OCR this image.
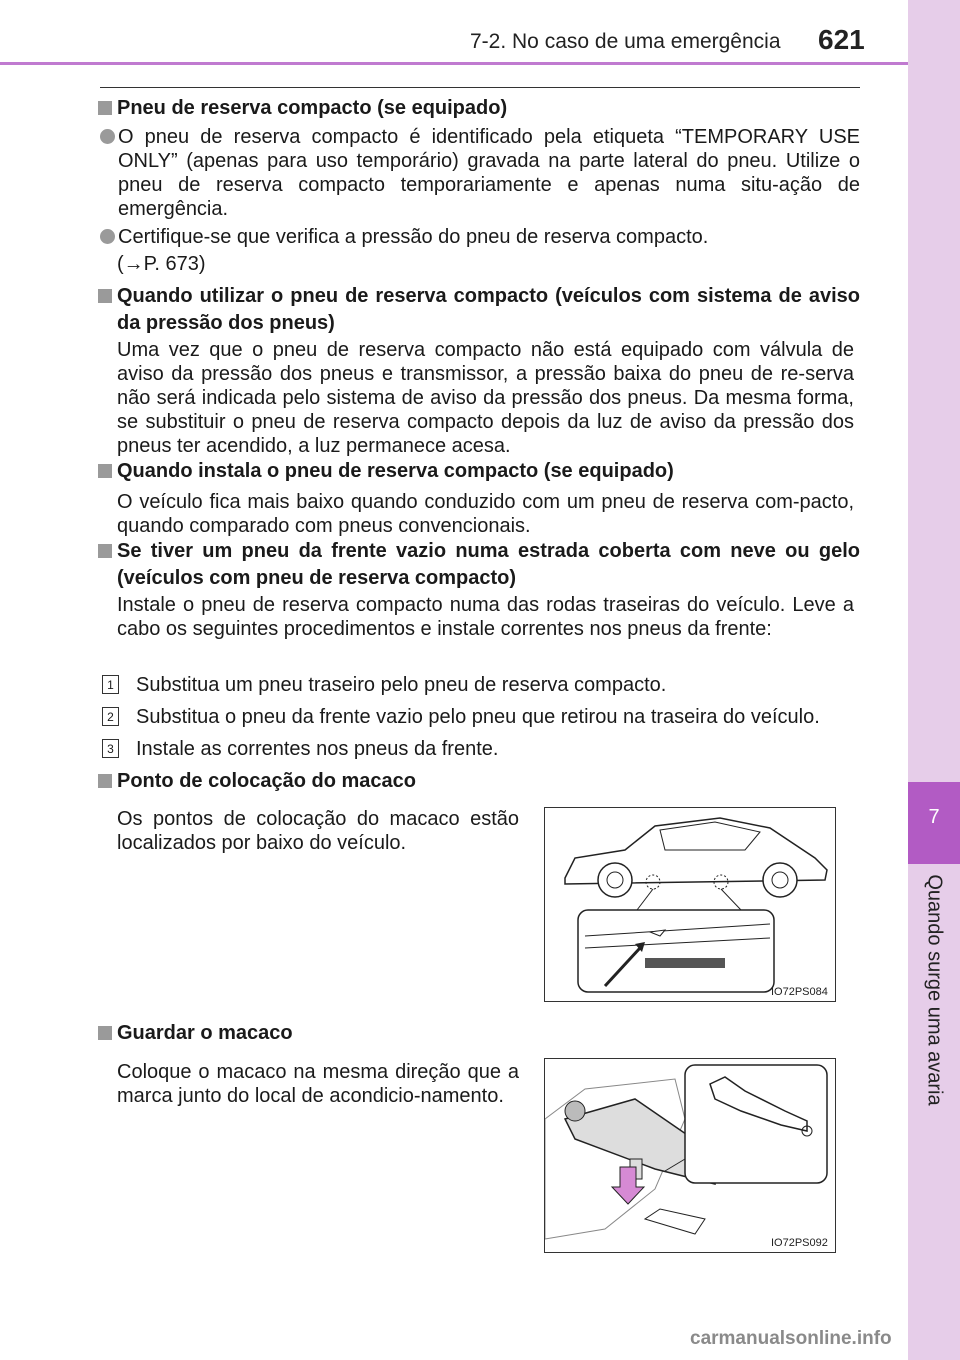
7-2. No caso de uma emergência 621
7
Quando surge uma avaria
Pneu de reserva compacto (se equipado)
O pneu de reserva compacto é identificado pela etiqueta “TEMPORARY USE ONLY” (apenas para uso temporário) gravada na parte lateral do pneu. Utilize o pneu de reserva compacto temporariamente e apenas numa situ-ação de emergência.
Certifique-se que verifica a pressão do pneu de reserva compacto.
(→P. 673)
Quando utilizar o pneu de reserva compacto (veículos com sistema de aviso da pressão dos pneus)
Uma vez que o pneu de reserva compacto não está equipado com válvula de aviso da pressão dos pneus e transmissor, a pressão baixa do pneu de re-serva não será indicada pelo sistema de aviso da pressão dos pneus. Da mesma forma, se substituir o pneu de reserva compacto depois da luz de aviso da pressão dos pneus ter acendido, a luz permanece acesa.
Quando instala o pneu de reserva compacto (se equipado)
O veículo fica mais baixo quando conduzido com um pneu de reserva com-pacto, quando comparado com pneus convencionais.
Se tiver um pneu da frente vazio numa estrada coberta com neve ou gelo (veículos com pneu de reserva compacto)
Instale o pneu de reserva compacto numa das rodas traseiras do veículo. Leve a cabo os seguintes procedimentos e instale correntes nos pneus da frente:
1 Substitua um pneu traseiro pelo pneu de reserva compacto.
2 Substitua o pneu da frente vazio pelo pneu que retirou na traseira do veículo.
3 Instale as correntes nos pneus da frente.
Ponto de colocação do macaco
Os pontos de colocação do macaco estão localizados por baixo do veículo.
IO72PS084
Guardar o macaco
Coloque o macaco na mesma direção que a marca junto do local de acondicio-namento.
IO72PS092
carmanualsonline.info
